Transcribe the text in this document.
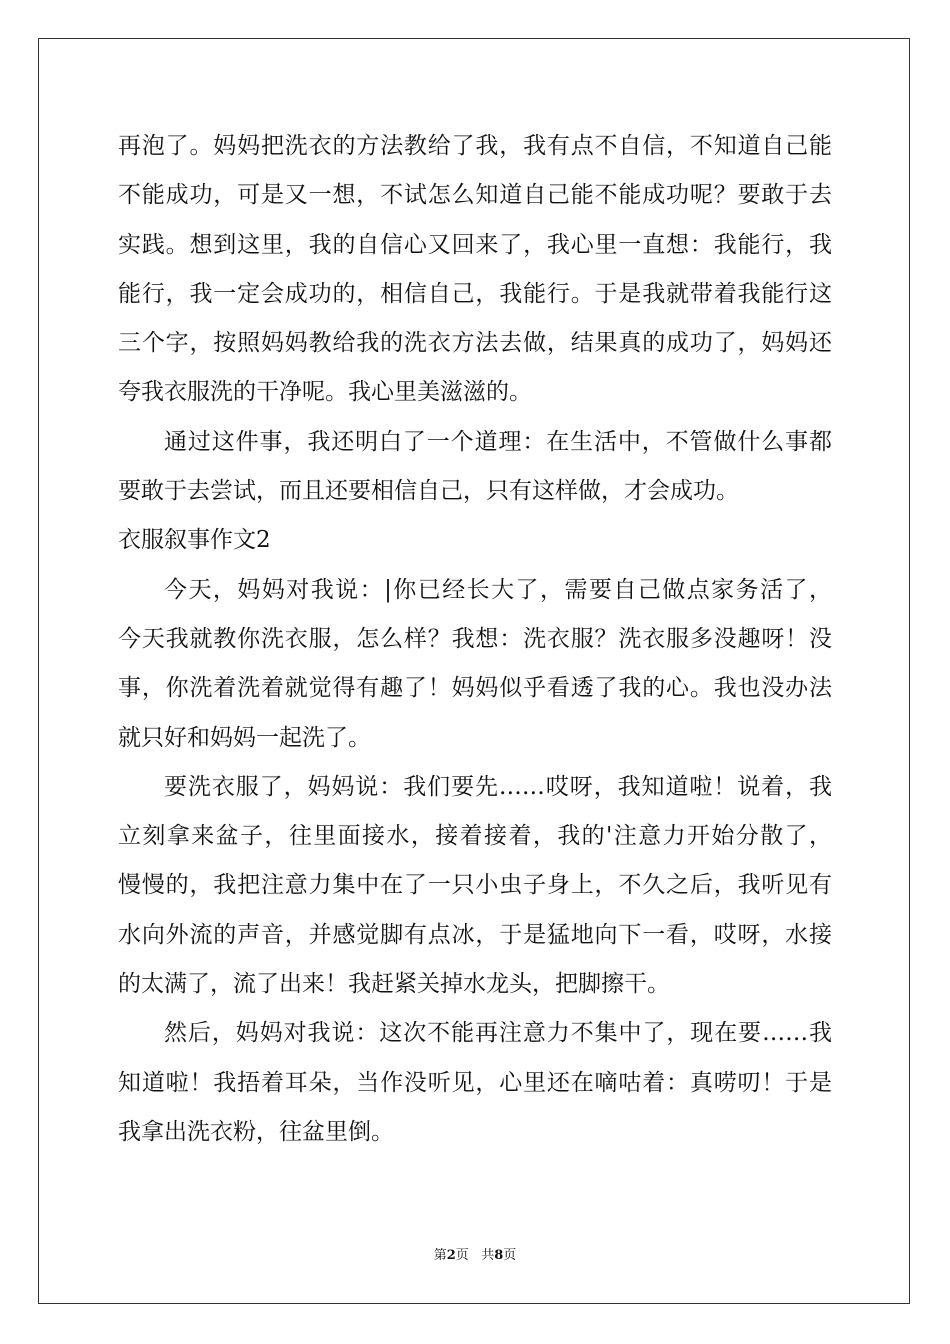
再泡了。妈妈把洗衣的方法教给了我，我有点不自信，不知道自己能
不能成功，可是又一想，不试怎么知道自己能不能成功呢？要敢于去
实践。想到这里，我的自信心又回来了，我心里一直想：我能行，我
能行，我一定会成功的，相信自己，我能行。于是我就带着我能行这
三个字，按照妈妈教给我的洗衣方法去做，结果真的成功了，妈妈还
夸我衣服洗的干净呢。我心里美滋滋的。
通过这件事，我还明白了一个道理：在生活中，不管做什么事都
要敢于去尝试，而且还要相信自己，只有这样做，才会成功。
衣服叙事作文2
今天，妈妈对我说：|你已经长大了，需要自己做点家务活了，
今天我就教你洗衣服，怎么样？我想：洗衣服？洗衣服多没趣呀！没
事，你洗着洗着就觉得有趣了！妈妈似乎看透了我的心。我也没办法
就只好和妈妈一起洗了。
要洗衣服了，妈妈说：我们要先……哎呀，我知道啦！说着，我
立刻拿来盆子，往里面接水，接着接着，我的'注意力开始分散了，
慢慢的，我把注意力集中在了一只小虫子身上，不久之后，我听见有
水向外流的声音，并感觉脚有点冰，于是猛地向下一看，哎呀，水接
的太满了，流了出来！我赶紧关掉水龙头，把脚擦干。
然后，妈妈对我说：这次不能再注意力不集中了，现在要……我
知道啦！我捂着耳朵，当作没听见，心里还在嘀咕着：真唠叨！于是
我拿出洗衣粉，往盆里倒。
第2页 共8页
